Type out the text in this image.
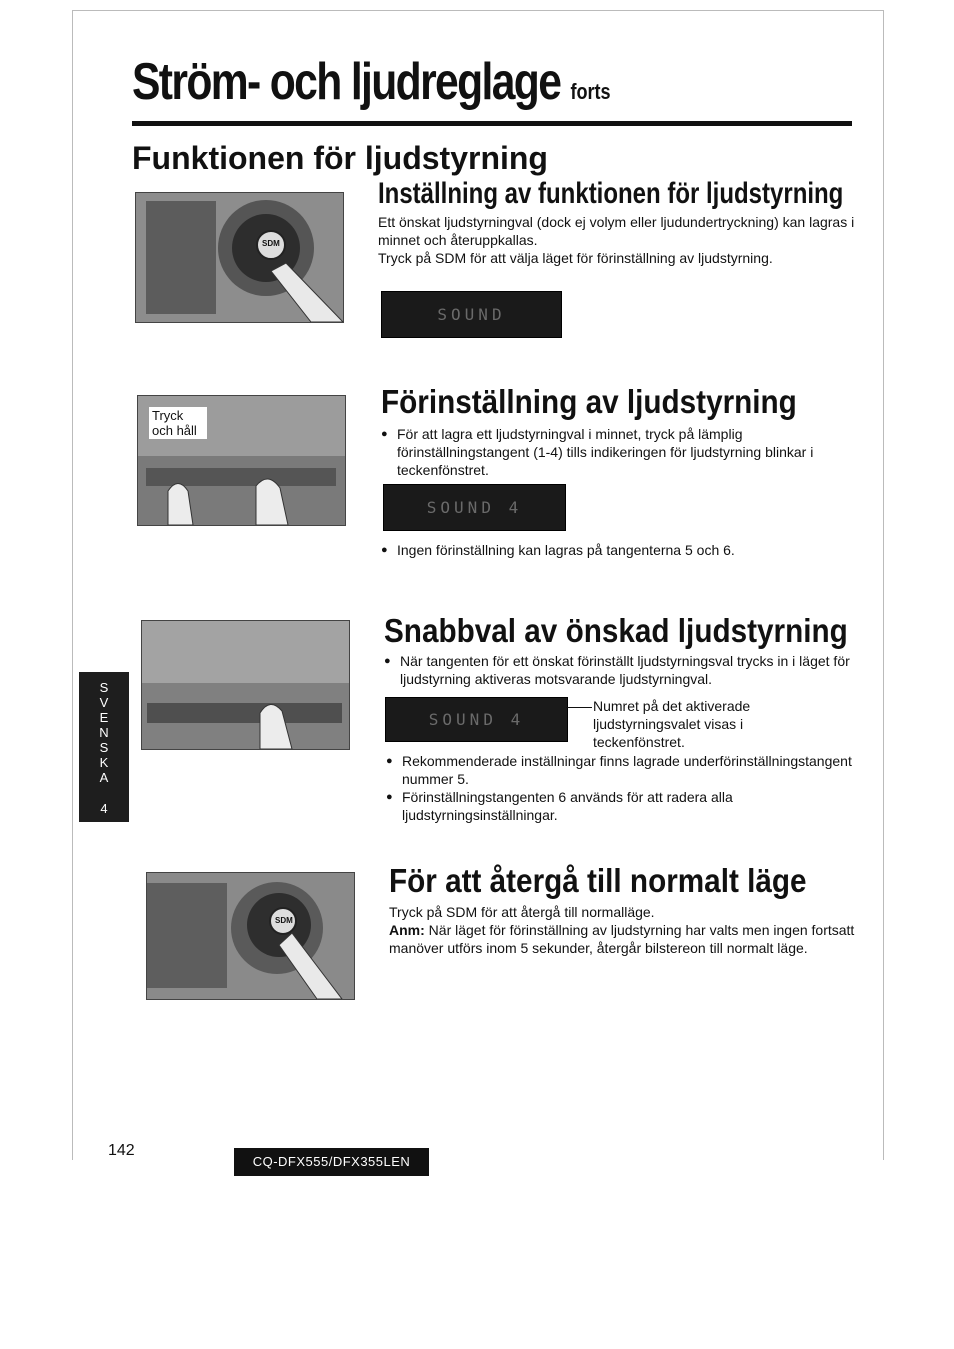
Ström- och ljudreglage forts
Funktionen för ljudstyrning
SDM
Inställning av funktionen för ljudstyrning

Ett önskat ljudstyrningval (dock ej volym eller ljudundertryckning) kan lagras i minnet och återuppkallas.

Tryck på SDM för att välja läget för förinställning av ljudstyrning.

SOUND
Tryck och håll
Förinställning av ljudstyrning
● För att lagra ett ljudstyrningval i minnet, tryck på lämplig förinställningstangent (1-4) tills indikeringen för ljudstyrning blinkar i teckenfönstret.
SOUND 4
● Ingen förinställning kan lagras på tangenterna 5 och 6.
S
V
E
N
S
K
A
4
Snabbval av önskad ljudstyrning
● När tangenten för ett önskat förinställt ljudstyrningsval trycks in i läget för ljudstyrning aktiveras motsvarande ljudstyrningval.
SOUND 4

Numret på det aktiverade ljudstyrningsvalet visas i teckenfönstret.

● Rekommenderade inställningar finns lagrade underförinställningstangent nummer 5.
● Förinställningstangenten 6 används för att radera alla ljudstyrningsinställningar.
SDM
För att återgå till normalt läge

Tryck på SDM för att återgå till normalläge.

Anm: När läget för förinställning av ljudstyrning har valts men ingen fortsatt manöver utförs inom 5 sekunder, återgår bilstereon till normalt läge.

142
CQ-DFX555/DFX355LEN
